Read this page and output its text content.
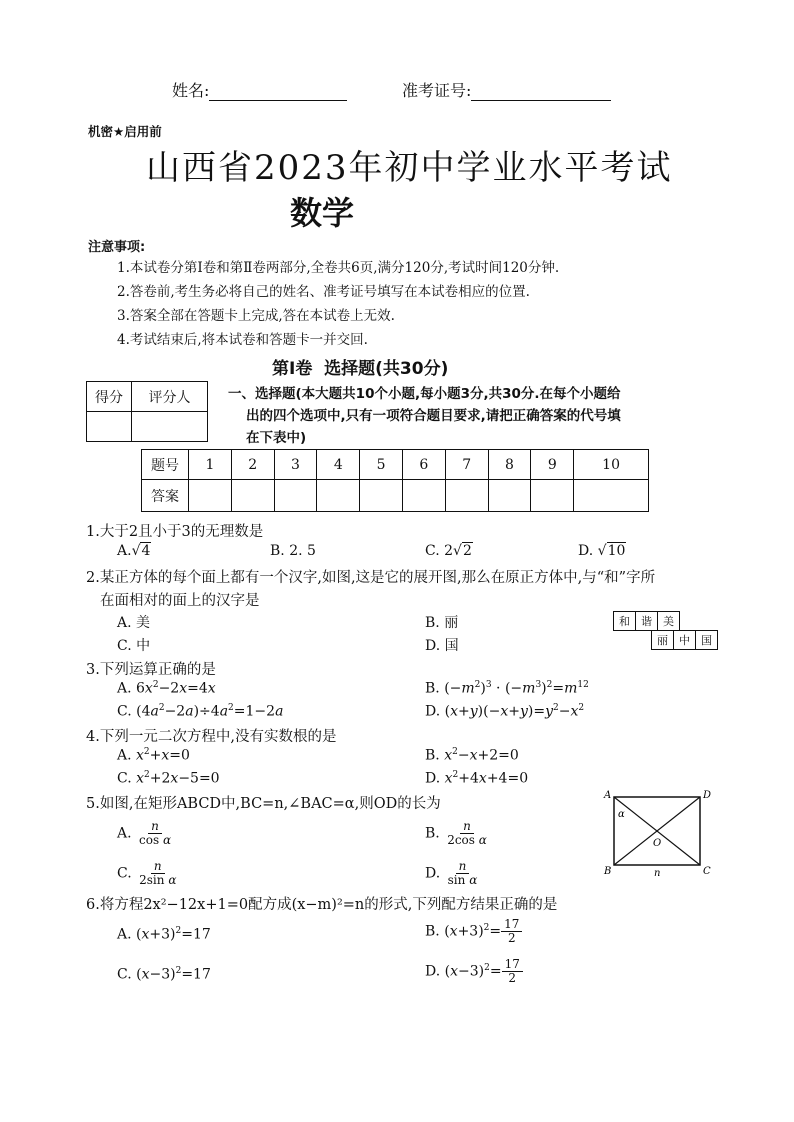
姓名:	准考证号:
机密★启用前
山西省2023年初中学业水平考试
数学
注意事项:
1.本试卷分第Ⅰ卷和第Ⅱ卷两部分,全卷共6页,满分120分,考试时间120分钟.
2.答卷前,考生务必将自己的姓名、准考证号填写在本试卷相应的位置.
3.答案全部在答题卡上完成,答在本试卷上无效.
4.考试结束后,将本试卷和答题卡一并交回.
第Ⅰ卷  选择题(共30分)
得分	评分人
		一、选择题(本大题共10个小题,每小题3分,共30分.在每个小题给
出的四个选项中,只有一项符合题目要求,请把正确答案的代号填
在下表中)
题号	1	2	3	4	5	6	7	8	9	10
答案										
1.大于2且小于3的无理数是
A.√4	B. 2. 5	C. 2√2	D. √10
2.某正方体的每个面上都有一个汉字,如图,这是它的展开图,那么在原正方体中,与“和”字所
在面相对的面上的汉字是
A. 美	B. 丽
C. 中	D. 国
和	谐	美
丽	中	国
3.下列运算正确的是
A. $6x^2-2x=4x$	B. $(-m^2)^3 \cdot (-m^3)^2=m^{12}$
C. $(4a^2-2a)\div 4a^2=1-2a$	D. $(x+y)(-x+y)=y^2-x^2$
4.下列一元二次方程中,没有实数根的是
A. $x^2+x=0$	B. $x^2-x+2=0$
C. $x^2+2x-5=0$	D. $x^2+4x+4=0$
5.如图,在矩形ABCD中,BC=n,∠BAC=α,则OD的长为
A. $\frac{n}{\text{cos α}}$	B. $\frac{n}{\text{2cos α}}$
C. $\frac{n}{\text{2sin α}}$	D. $\frac{n}{\text{sin α}}$
A	D
B	C
O
α
n
6.将方程2x²−12x+1=0配方成(x−m)²=n的形式,下列配方结果正确的是
A. $(x+3)^2=17$	B. $(x+3)^2= \frac{17}{2}$
C. $(x-3)^2=17$	D. $(x-3)^2= \frac{17}{2}$
